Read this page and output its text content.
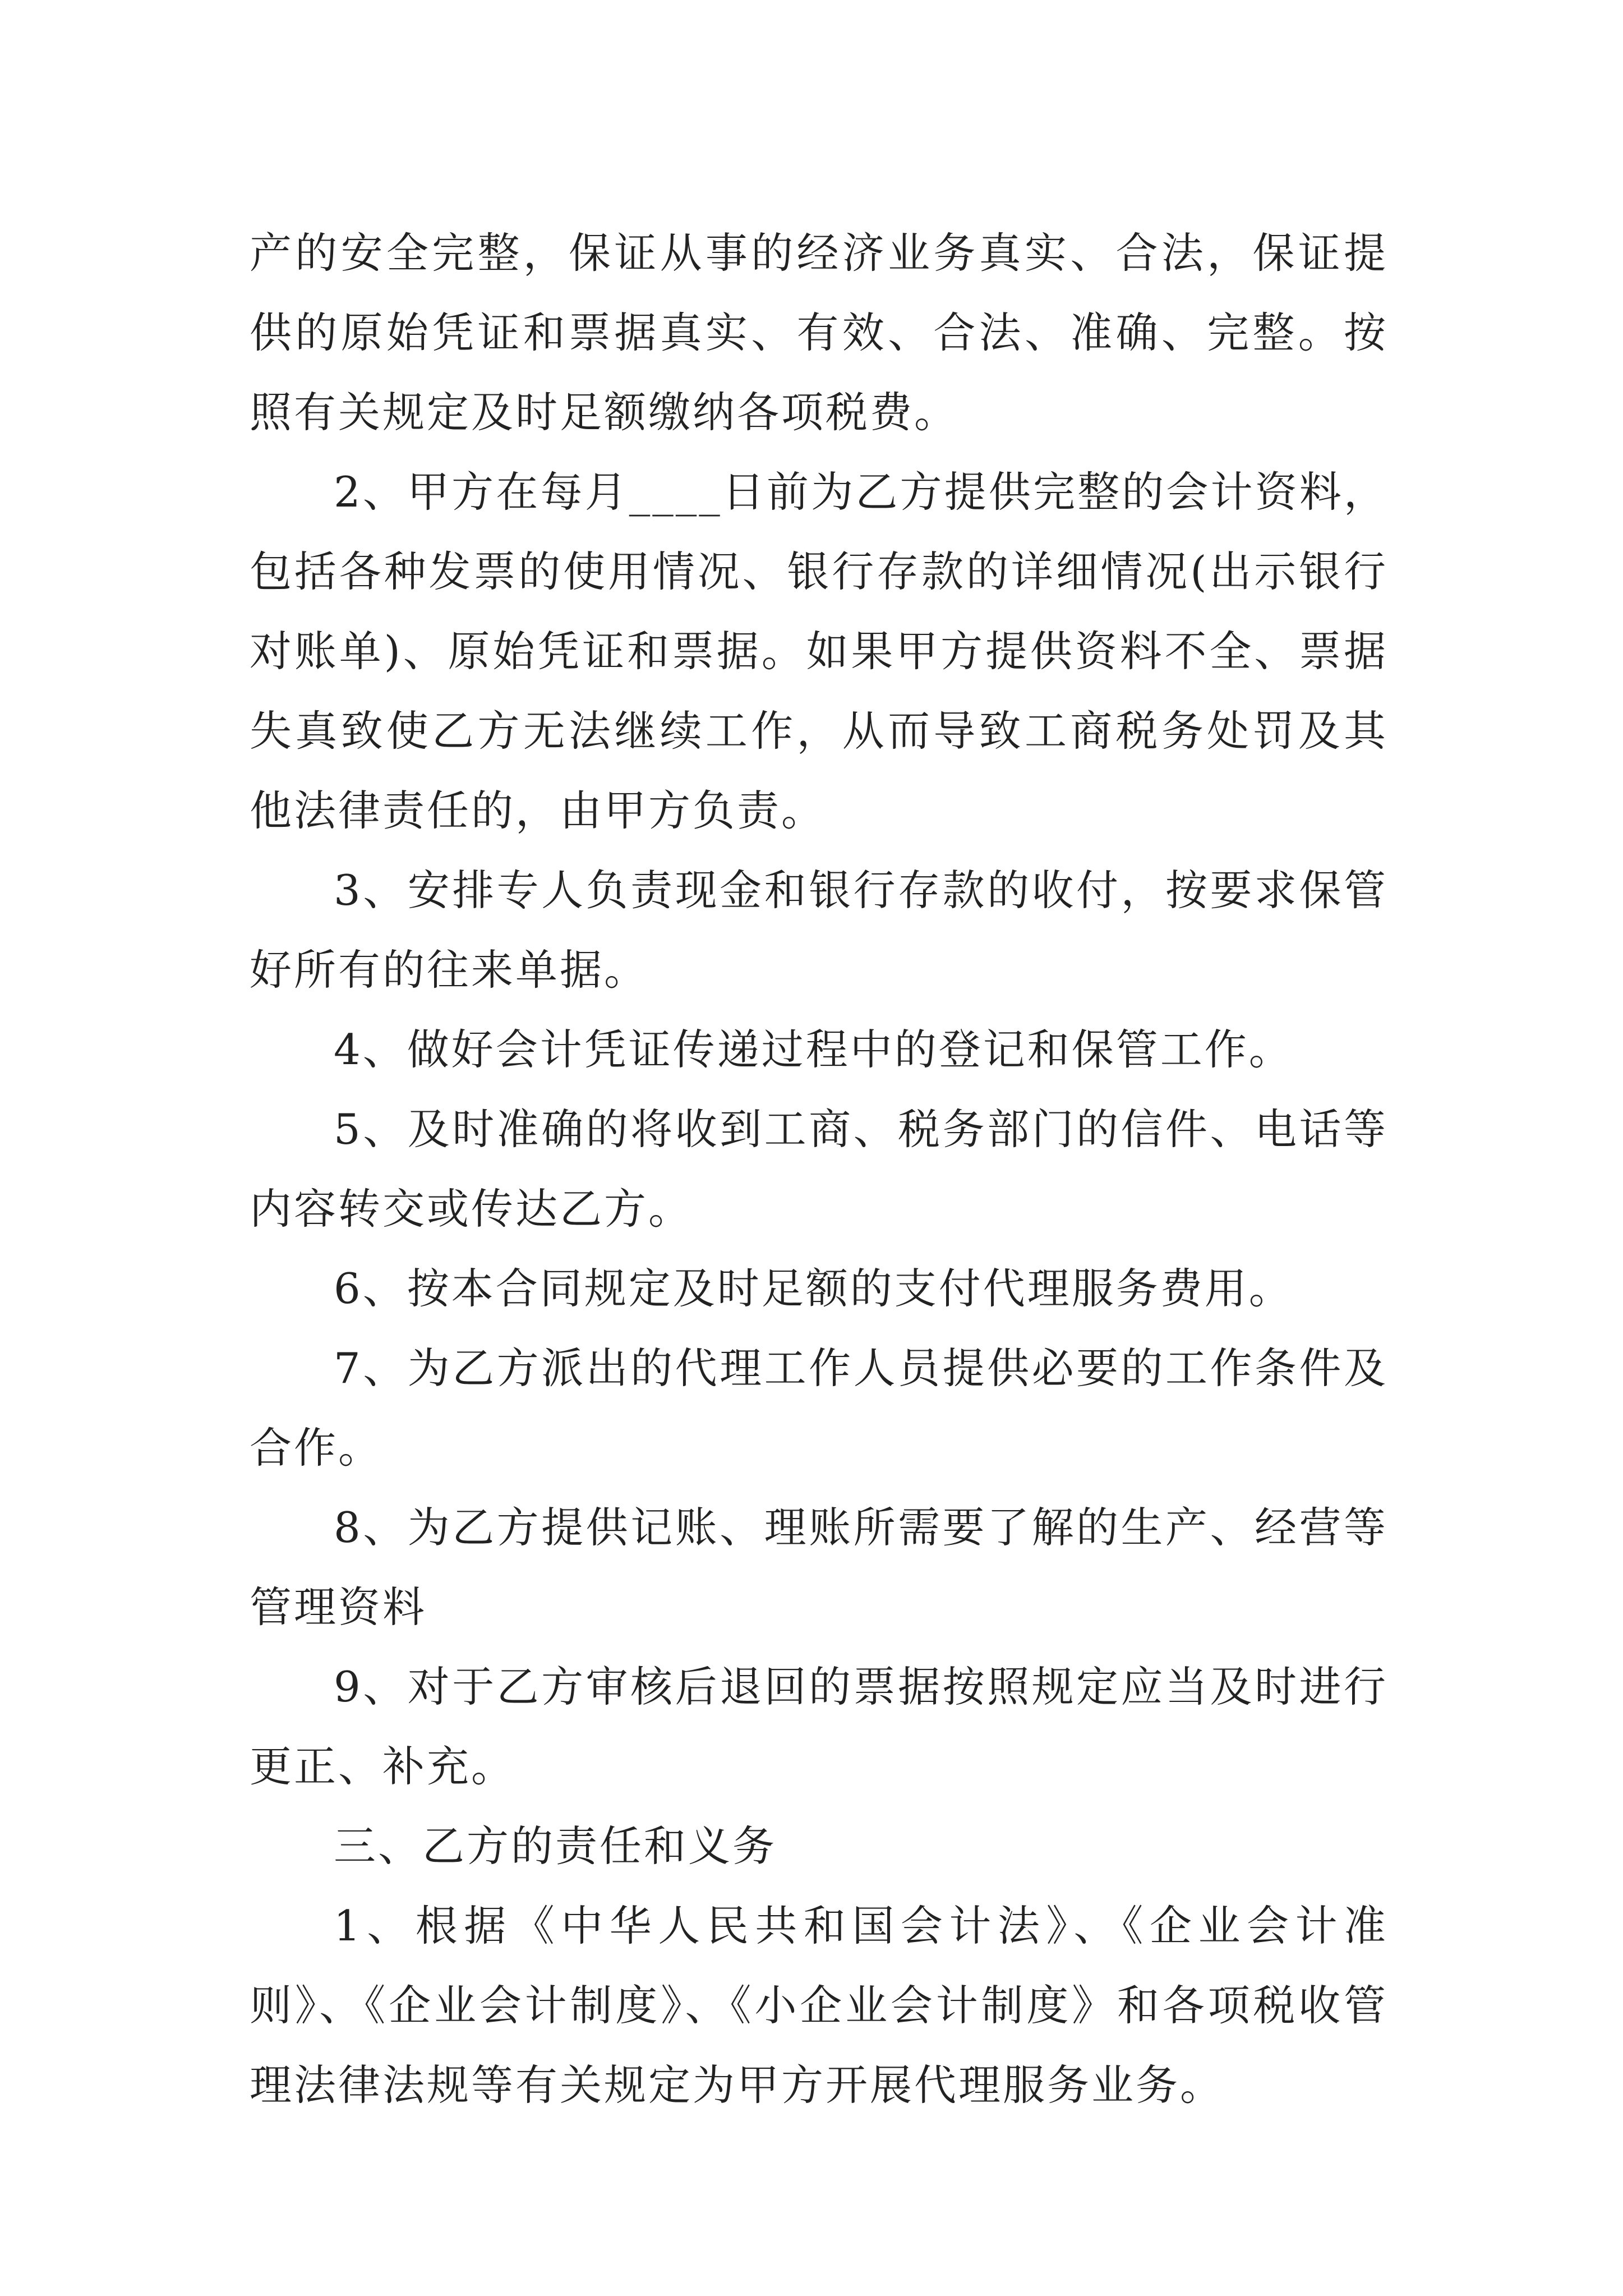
产的安全完整，保证从事的经济业务真实、合法，保证提供的原始凭证和票据真实、有效、合法、准确、完整。按照有关规定及时足额缴纳各项税费。

2、甲方在每月____日前为乙方提供完整的会计资料，包括各种发票的使用情况、银行存款的详细情况(出示银行对账单)、原始凭证和票据。如果甲方提供资料不全、票据失真致使乙方无法继续工作，从而导致工商税务处罚及其他法律责任的，由甲方负责。

3、安排专人负责现金和银行存款的收付，按要求保管好所有的往来单据。

4、做好会计凭证传递过程中的登记和保管工作。

5、及时准确的将收到工商、税务部门的信件、电话等内容转交或传达乙方。

6、按本合同规定及时足额的支付代理服务费用。

7、为乙方派出的代理工作人员提供必要的工作条件及合作。

8、为乙方提供记账、理账所需要了解的生产、经营等管理资料

9、对于乙方审核后退回的票据按照规定应当及时进行更正、补充。

三、乙方的责任和义务

1、根据《中华人民共和国会计法》、《企业会计准则》、《企业会计制度》、《小企业会计制度》和各项税收管理法律法规等有关规定为甲方开展代理服务业务。
